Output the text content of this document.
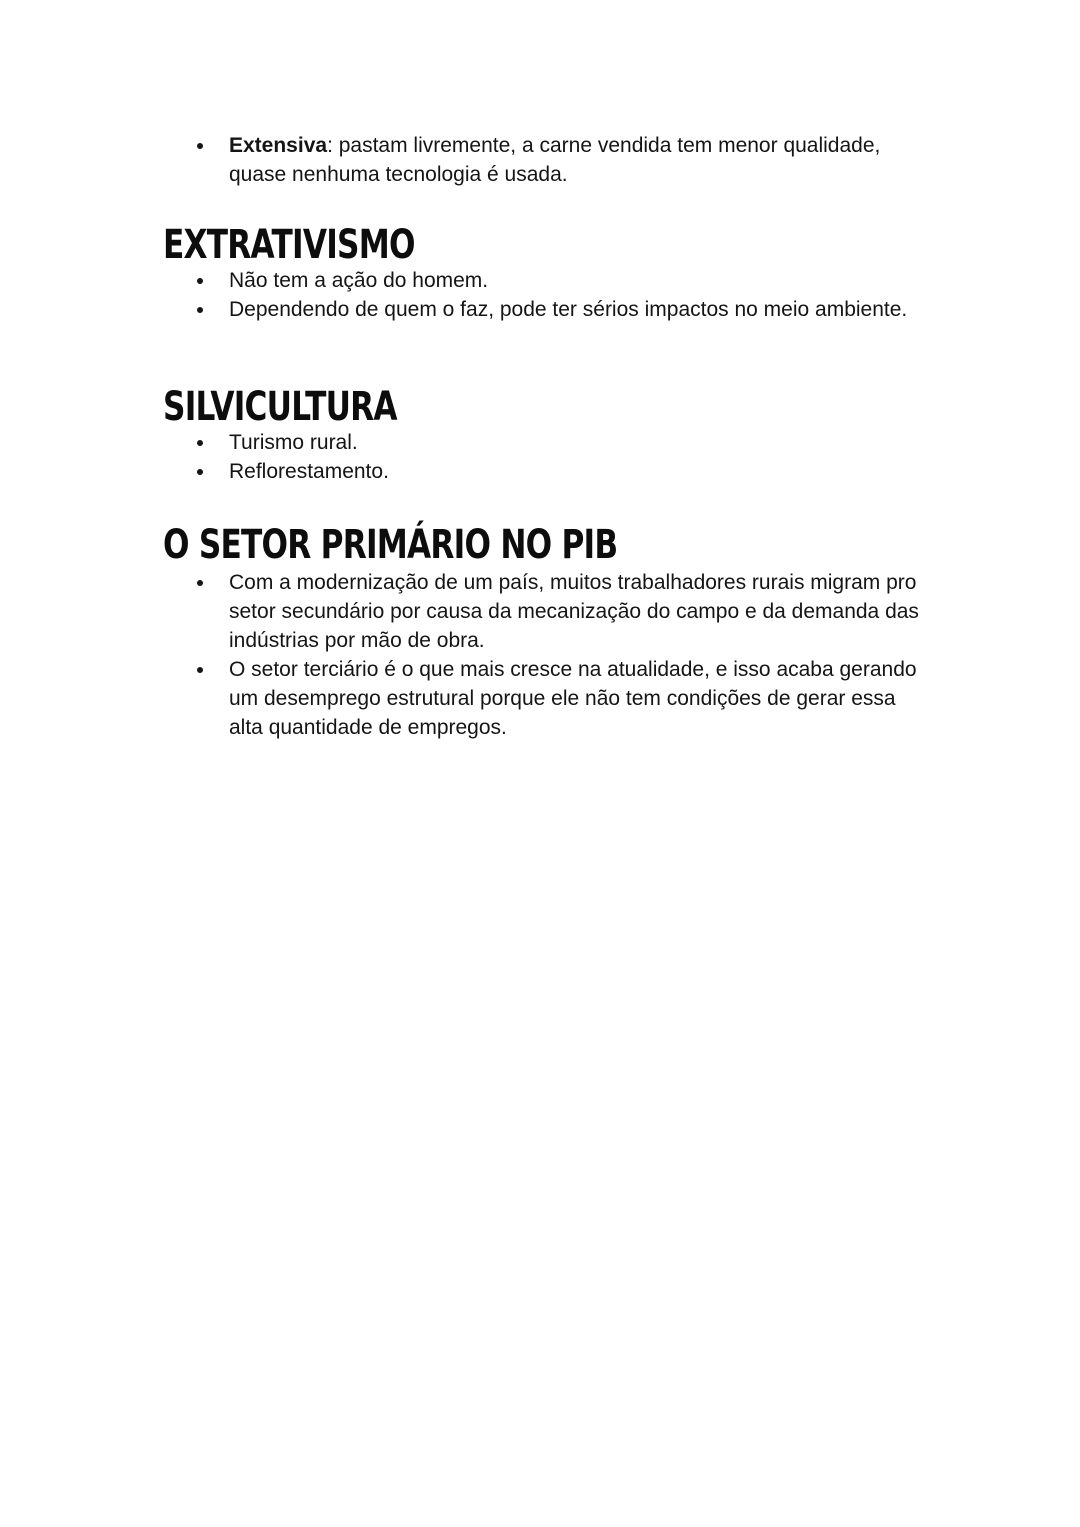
Extensiva: pastam livremente, a carne vendida tem menor qualidade, quase nenhuma tecnologia é usada.
EXTRATIVISMO
Não tem a ação do homem.
Dependendo de quem o faz, pode ter sérios impactos no meio ambiente.
SILVICULTURA
Turismo rural.
Reflorestamento.
O SETOR PRIMÁRIO NO PIB
Com a modernização de um país, muitos trabalhadores rurais migram pro setor secundário por causa da mecanização do campo e da demanda das indústrias por mão de obra.
O setor terciário é o que mais cresce na atualidade, e isso acaba gerando um desemprego estrutural porque ele não tem condições de gerar essa alta quantidade de empregos.
